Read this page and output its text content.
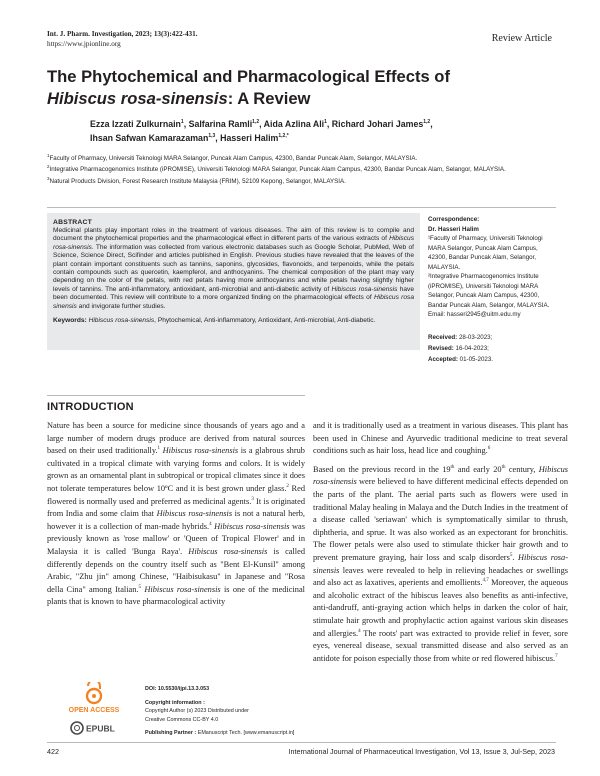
Int. J. Pharm. Investigation, 2023; 13(3):422-431.
https://www.jpionline.org	Review Article
The Phytochemical and Pharmacological Effects of
Hibiscus rosa-sinensis: A Review
Ezza Izzati Zulkurnain$^1$, Salfarina Ramli$^{1,2}$, Aida Azlina Ali$^1$, Richard Johari James$^{1,2}$,
Ihsan Safwan Kamarazaman$^{1,3}$, Hasseri Halim$^{1,2,*}$

$^1$Faculty of Pharmacy, Universiti Teknologi MARA Selangor, Puncak Alam Campus, 42300, Bandar Puncak Alam, Selangor, MALAYSIA.

$^2$Integrative Pharmacogenomics Institute (iPROMISE), Universiti Teknologi MARA Selangor, Puncak Alam Campus, 42300, Bandar Puncak Alam, Selangor, MALAYSIA.

$^3$Natural Products Division, Forest Research Institute Malaysia (FRIM), 52109 Kepong, Selangor, MALAYSIA.

ABSTRACT
Medicinal plants play important roles in the treatment of various diseases. The aim of this review is to compile and document the phytochemical properties and the pharmacological effect in different parts of the various extracts of Hibiscus rosa-sinensis. The information was collected from various electronic databases such as Google Scholar, PubMed, Web of Science, Science Direct, Scifinder and articles published in English. Previous studies have revealed that the leaves of the plant contain important constituents such as tannins, saponins, glycosides, flavonoids, and terpenoids, while the petals contain compounds such as quercetin, kaempferol, and anthocyanins. The chemical composition of the plant may vary depending on the color of the petals, with red petals having more anthocyanins and white petals having slightly higher levels of tannins. The anti-inflammatory, antioxidant, anti-microbial and anti-diabetic activity of Hibiscus rosa-sinensis have been documented. This review will contribute to a more organized finding on the pharmacological effects of Hibiscus rosa sinensis and invigorate further studies.
Keywords: Hibiscus rosa-sinensis, Phytochemical, Anti-inflammatory, Antioxidant, Anti-microbial, Anti-diabetic.
Correspondence:
Dr. Hasseri Halim
¹Faculty of Pharmacy, Universiti Teknologi MARA Selangor, Puncak Alam Campus, 42300, Bandar Puncak Alam, Selangor, MALAYSIA.
²Integrative Pharmacogenomics Institute (iPROMISE), Universiti Teknologi MARA Selangor, Puncak Alam Campus, 42300, Bandar Puncak Alam, Selangor, MALAYSIA.
Email: hasseri2945@uitm.edu.my
Received: 28-03-2023;
Revised: 16-04-2023;
Accepted: 01-05-2023.
INTRODUCTION

Nature has been a source for medicine since thousands of years ago and a large number of modern drugs produce are derived from natural sources based on their used traditionally.$^1$ Hibiscus rosa-sinensis is a glabrous shrub cultivated in a tropical climate with varying forms and colors. It is widely grown as an ornamental plant in subtropical or tropical climates since it does not tolerate temperatures below 10ºC and it is best grown under glass.$^2$ Red flowered is normally used and preferred as medicinal agents.$^3$ It is originated from India and some claim that Hibiscus rosa-sinensis is not a natural herb, however it is a collection of man-made hybrids.$^4$ Hibiscus rosa-sinensis was previously known as 'rose mallow' or 'Queen of Tropical Flower' and in Malaysia it is called 'Bunga Raya'. Hibiscus rosa-sinensis is called differently depends on the country itself such as "Bent El-Kunsil" among Arabic, "Zhu jin" among Chinese, "Haibisukasu" in Japanese and "Rosa della Cina" among Italian.$^5$ Hibiscus rosa-sinensis is one of the medicinal plants that is known to have pharmacological activity

OPEN ACCESS
EPUBL
DOI: 10.5530/ijpi.13.3.053
Copyright information :
Copyright Author (s) 2023 Distributed under Creative Commons CC-BY 4.0
Publishing Partner : EManuscript Tech. [www.emanuscript.in]

and it is traditionally used as a treatment in various diseases. This plant has been used in Chinese and Ayurvedic traditional medicine to treat several conditions such as hair loss, head lice and coughing.$^6$

Based on the previous record in the 19th and early 20th century, Hibiscus rosa-sinensis were believed to have different medicinal effects depended on the parts of the plant. The aerial parts such as flowers were used in traditional Malay healing in Malaya and the Dutch Indies in the treatment of a disease called 'seriawan' which is symptomatically similar to thrush, diphtheria, and sprue. It was also worked as an expectorant for bronchitis. The flower petals were also used to stimulate thicker hair growth and to prevent premature graying, hair loss and scalp disorders$^5$. Hibiscus rosa-sinensis leaves were revealed to help in relieving headaches or swellings and also act as laxatives, aperients and emollients.$^{4,7}$ Moreover, the aqueous and alcoholic extract of the hibiscus leaves also benefits as anti-infective, anti-dandruff, anti-graying action which helps in darken the color of hair, stimulate hair growth and prophylactic action against various skin diseases and allergies.$^4$ The roots' part was extracted to provide relief in fever, sore eyes, venereal disease, sexual transmitted disease and also served as an antidote for poison especially those from white or red flowered hibiscus.$^7$

422	International Journal of Pharmaceutical Investigation, Vol 13, Issue 3, Jul-Sep, 2023
